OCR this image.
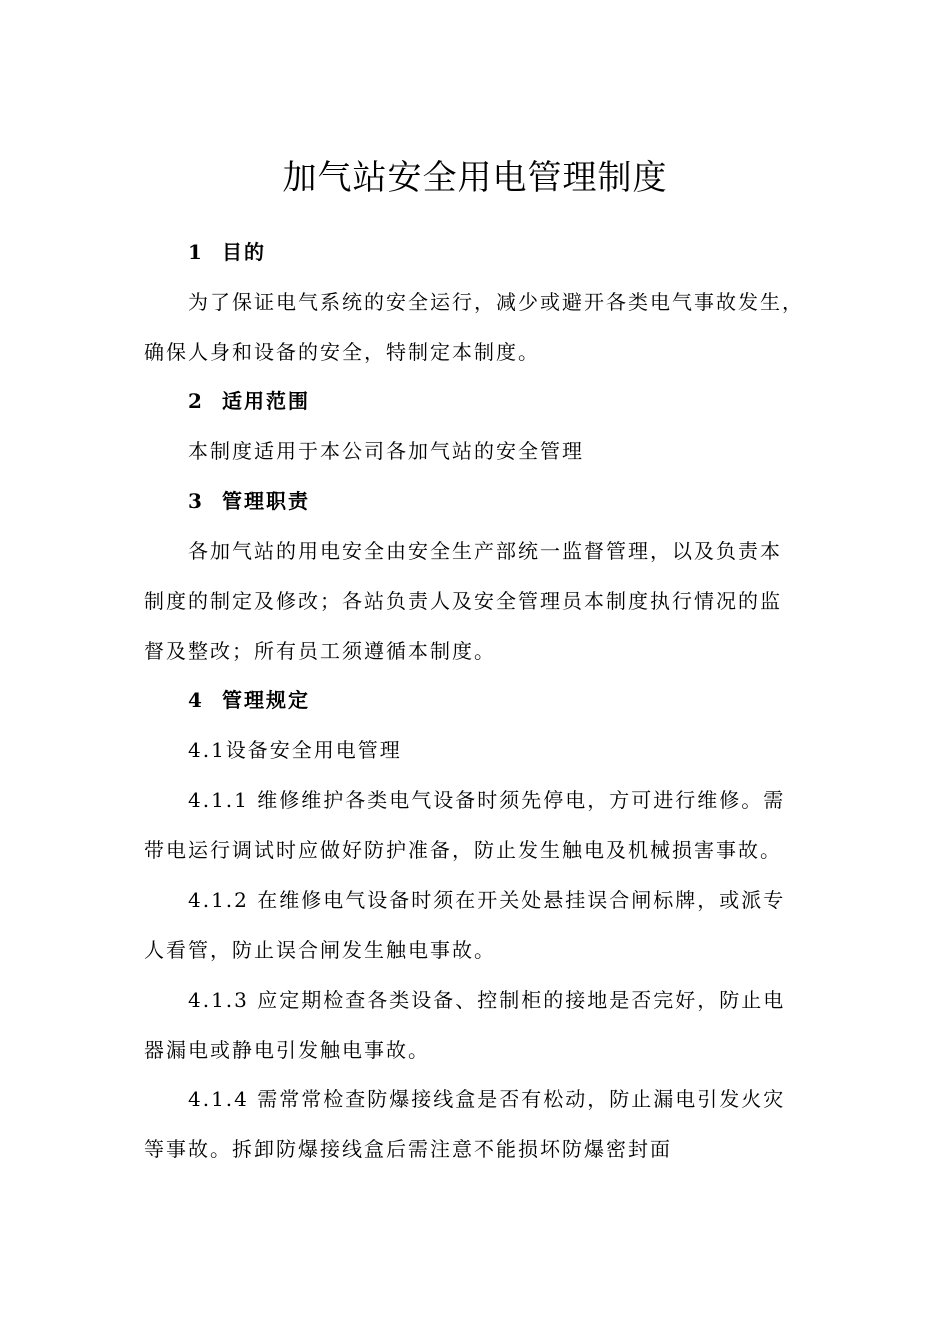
加气站安全用电管理制度
1 目的
为了保证电气系统的安全运行，减少或避开各类电气事故发生，
确保人身和设备的安全，特制定本制度。
2 适用范围
本制度适用于本公司各加气站的安全管理
3 管理职责
各加气站的用电安全由安全生产部统一监督管理，以及负责本
制度的制定及修改；各站负责人及安全管理员本制度执行情况的监
督及整改；所有员工须遵循本制度。
4 管理规定
4.1设备安全用电管理
4.1.1 维修维护各类电气设备时须先停电，方可进行维修。需
带电运行调试时应做好防护准备，防止发生触电及机械损害事故。
4.1.2 在维修电气设备时须在开关处悬挂误合闸标牌，或派专
人看管，防止误合闸发生触电事故。
4.1.3 应定期检查各类设备、控制柜的接地是否完好，防止电
器漏电或静电引发触电事故。
4.1.4 需常常检查防爆接线盒是否有松动，防止漏电引发火灾
等事故。拆卸防爆接线盒后需注意不能损坏防爆密封面
